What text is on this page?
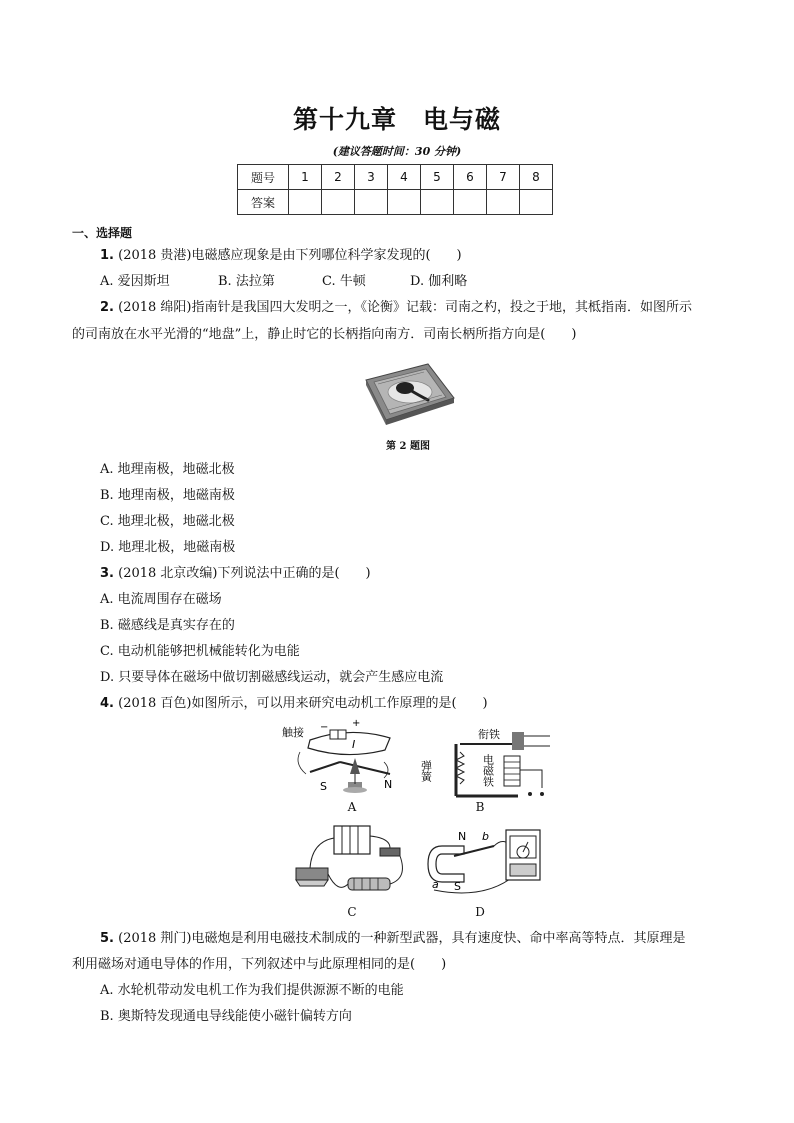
第十九章　电与磁
(建议答题时间：30 分钟)
题号	1	2	3	4	5	6	7	8
答案								
一、选择题
1. (2018 贵港)电磁感应现象是由下列哪位科学家发现的(　　)
A. 爱因斯坦	B. 法拉第	C. 牛顿	D. 伽利略
2. (2018 绵阳)指南针是我国四大发明之一，《论衡》记载：司南之杓，投之于地，其柢指南．如图所示
的司南放在水平光滑的“地盘”上，静止时它的长柄指向南方．司南长柄所指方向是(　　)
第 2 题图
A. 地理南极，地磁北极
B. 地理南极，地磁南极
C. 地理北极，地磁北极
D. 地理北极，地磁南极
3. (2018 北京改编)下列说法中正确的是(　　)
A. 电流周围存在磁场
B. 磁感线是真实存在的
C. 电动机能够把机械能转化为电能
D. 只要导体在磁场中做切割磁感线运动，就会产生感应电流
4. (2018 百色)如图所示，可以用来研究电动机工作原理的是(　　)
触接 − +
I
S	N
A
衔铁
弹簧	电磁铁
B
C
N
S
a
b
D
5. (2018 荆门)电磁炮是利用电磁技术制成的一种新型武器，具有速度快、命中率高等特点．其原理是
利用磁场对通电导体的作用，下列叙述中与此原理相同的是(　　)
A. 水轮机带动发电机工作为我们提供源源不断的电能
B. 奥斯特发现通电导线能使小磁针偏转方向
